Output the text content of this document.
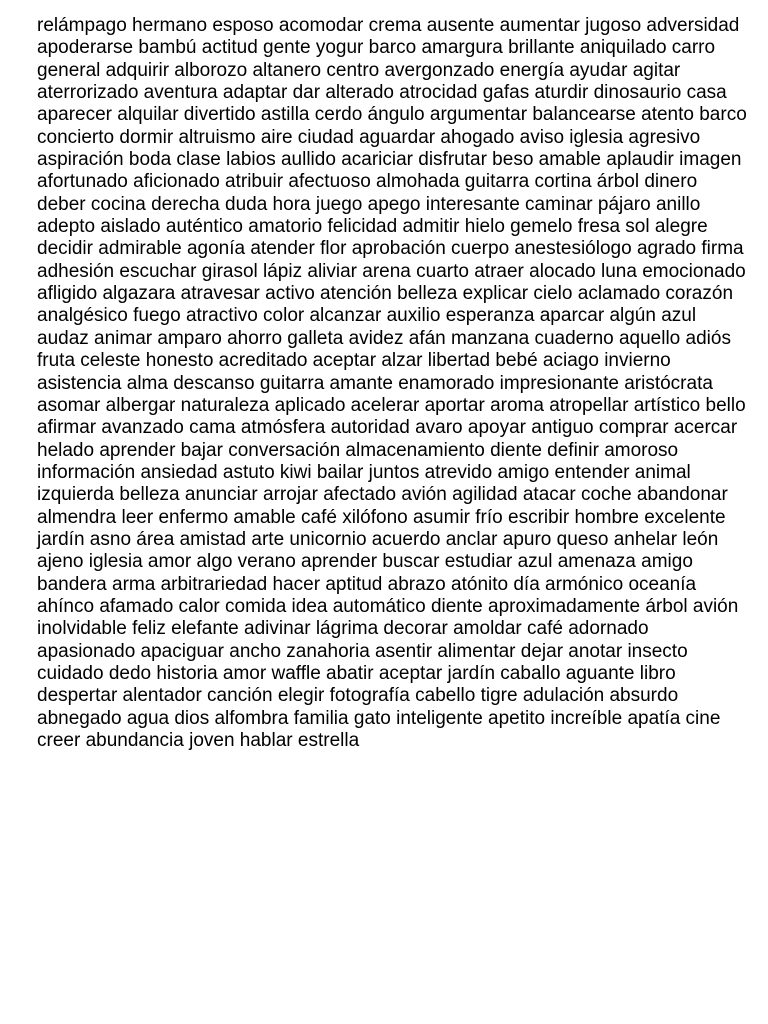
relámpago hermano esposo acomodar crema ausente aumentar jugoso adversidad
apoderarse bambú actitud gente yogur barco amargura brillante aniquilado carro
general adquirir alborozo altanero centro avergonzado energía ayudar agitar
aterrorizado aventura adaptar dar alterado atrocidad gafas aturdir dinosaurio casa
aparecer alquilar divertido astilla cerdo ángulo argumentar balancearse atento barco
concierto dormir altruismo aire ciudad aguardar ahogado aviso iglesia agresivo
aspiración boda clase labios aullido acariciar disfrutar beso amable aplaudir imagen
afortunado aficionado atribuir afectuoso almohada guitarra cortina árbol dinero
deber cocina derecha duda hora juego apego interesante caminar pájaro anillo
adepto aislado auténtico amatorio felicidad admitir hielo gemelo fresa sol alegre
decidir admirable agonía atender flor aprobación cuerpo anestesiólogo agrado firma
adhesión escuchar girasol lápiz aliviar arena cuarto atraer alocado luna emocionado
afligido algazara atravesar activo atención belleza explicar cielo aclamado corazón
analgésico fuego atractivo color alcanzar auxilio esperanza aparcar algún azul
audaz animar amparo ahorro galleta avidez afán manzana cuaderno aquello adiós
fruta celeste honesto acreditado aceptar alzar libertad bebé aciago invierno
asistencia alma descanso guitarra amante enamorado impresionante aristócrata
asomar albergar naturaleza aplicado acelerar aportar aroma atropellar artístico bello
afirmar avanzado cama atmósfera autoridad avaro apoyar antiguo comprar acercar
helado aprender bajar conversación almacenamiento diente definir amoroso
información ansiedad astuto kiwi bailar juntos atrevido amigo entender animal
izquierda belleza anunciar arrojar afectado avión agilidad atacar coche abandonar
almendra leer enfermo amable café xilófono asumir frío escribir hombre excelente
jardín asno área amistad arte unicornio acuerdo anclar apuro queso anhelar león
ajeno iglesia amor algo verano aprender buscar estudiar azul amenaza amigo
bandera arma arbitrariedad hacer aptitud abrazo atónito día armónico oceanía
ahínco afamado calor comida idea automático diente aproximadamente árbol avión
inolvidable feliz elefante adivinar lágrima decorar amoldar café adornado
apasionado apaciguar ancho zanahoria asentir alimentar dejar anotar insecto
cuidado dedo historia amor waffle abatir aceptar jardín caballo aguante libro
despertar alentador canción elegir fotografía cabello tigre adulación absurdo
abnegado agua dios alfombra familia gato inteligente apetito increíble apatía cine
creer abundancia joven hablar estrella
